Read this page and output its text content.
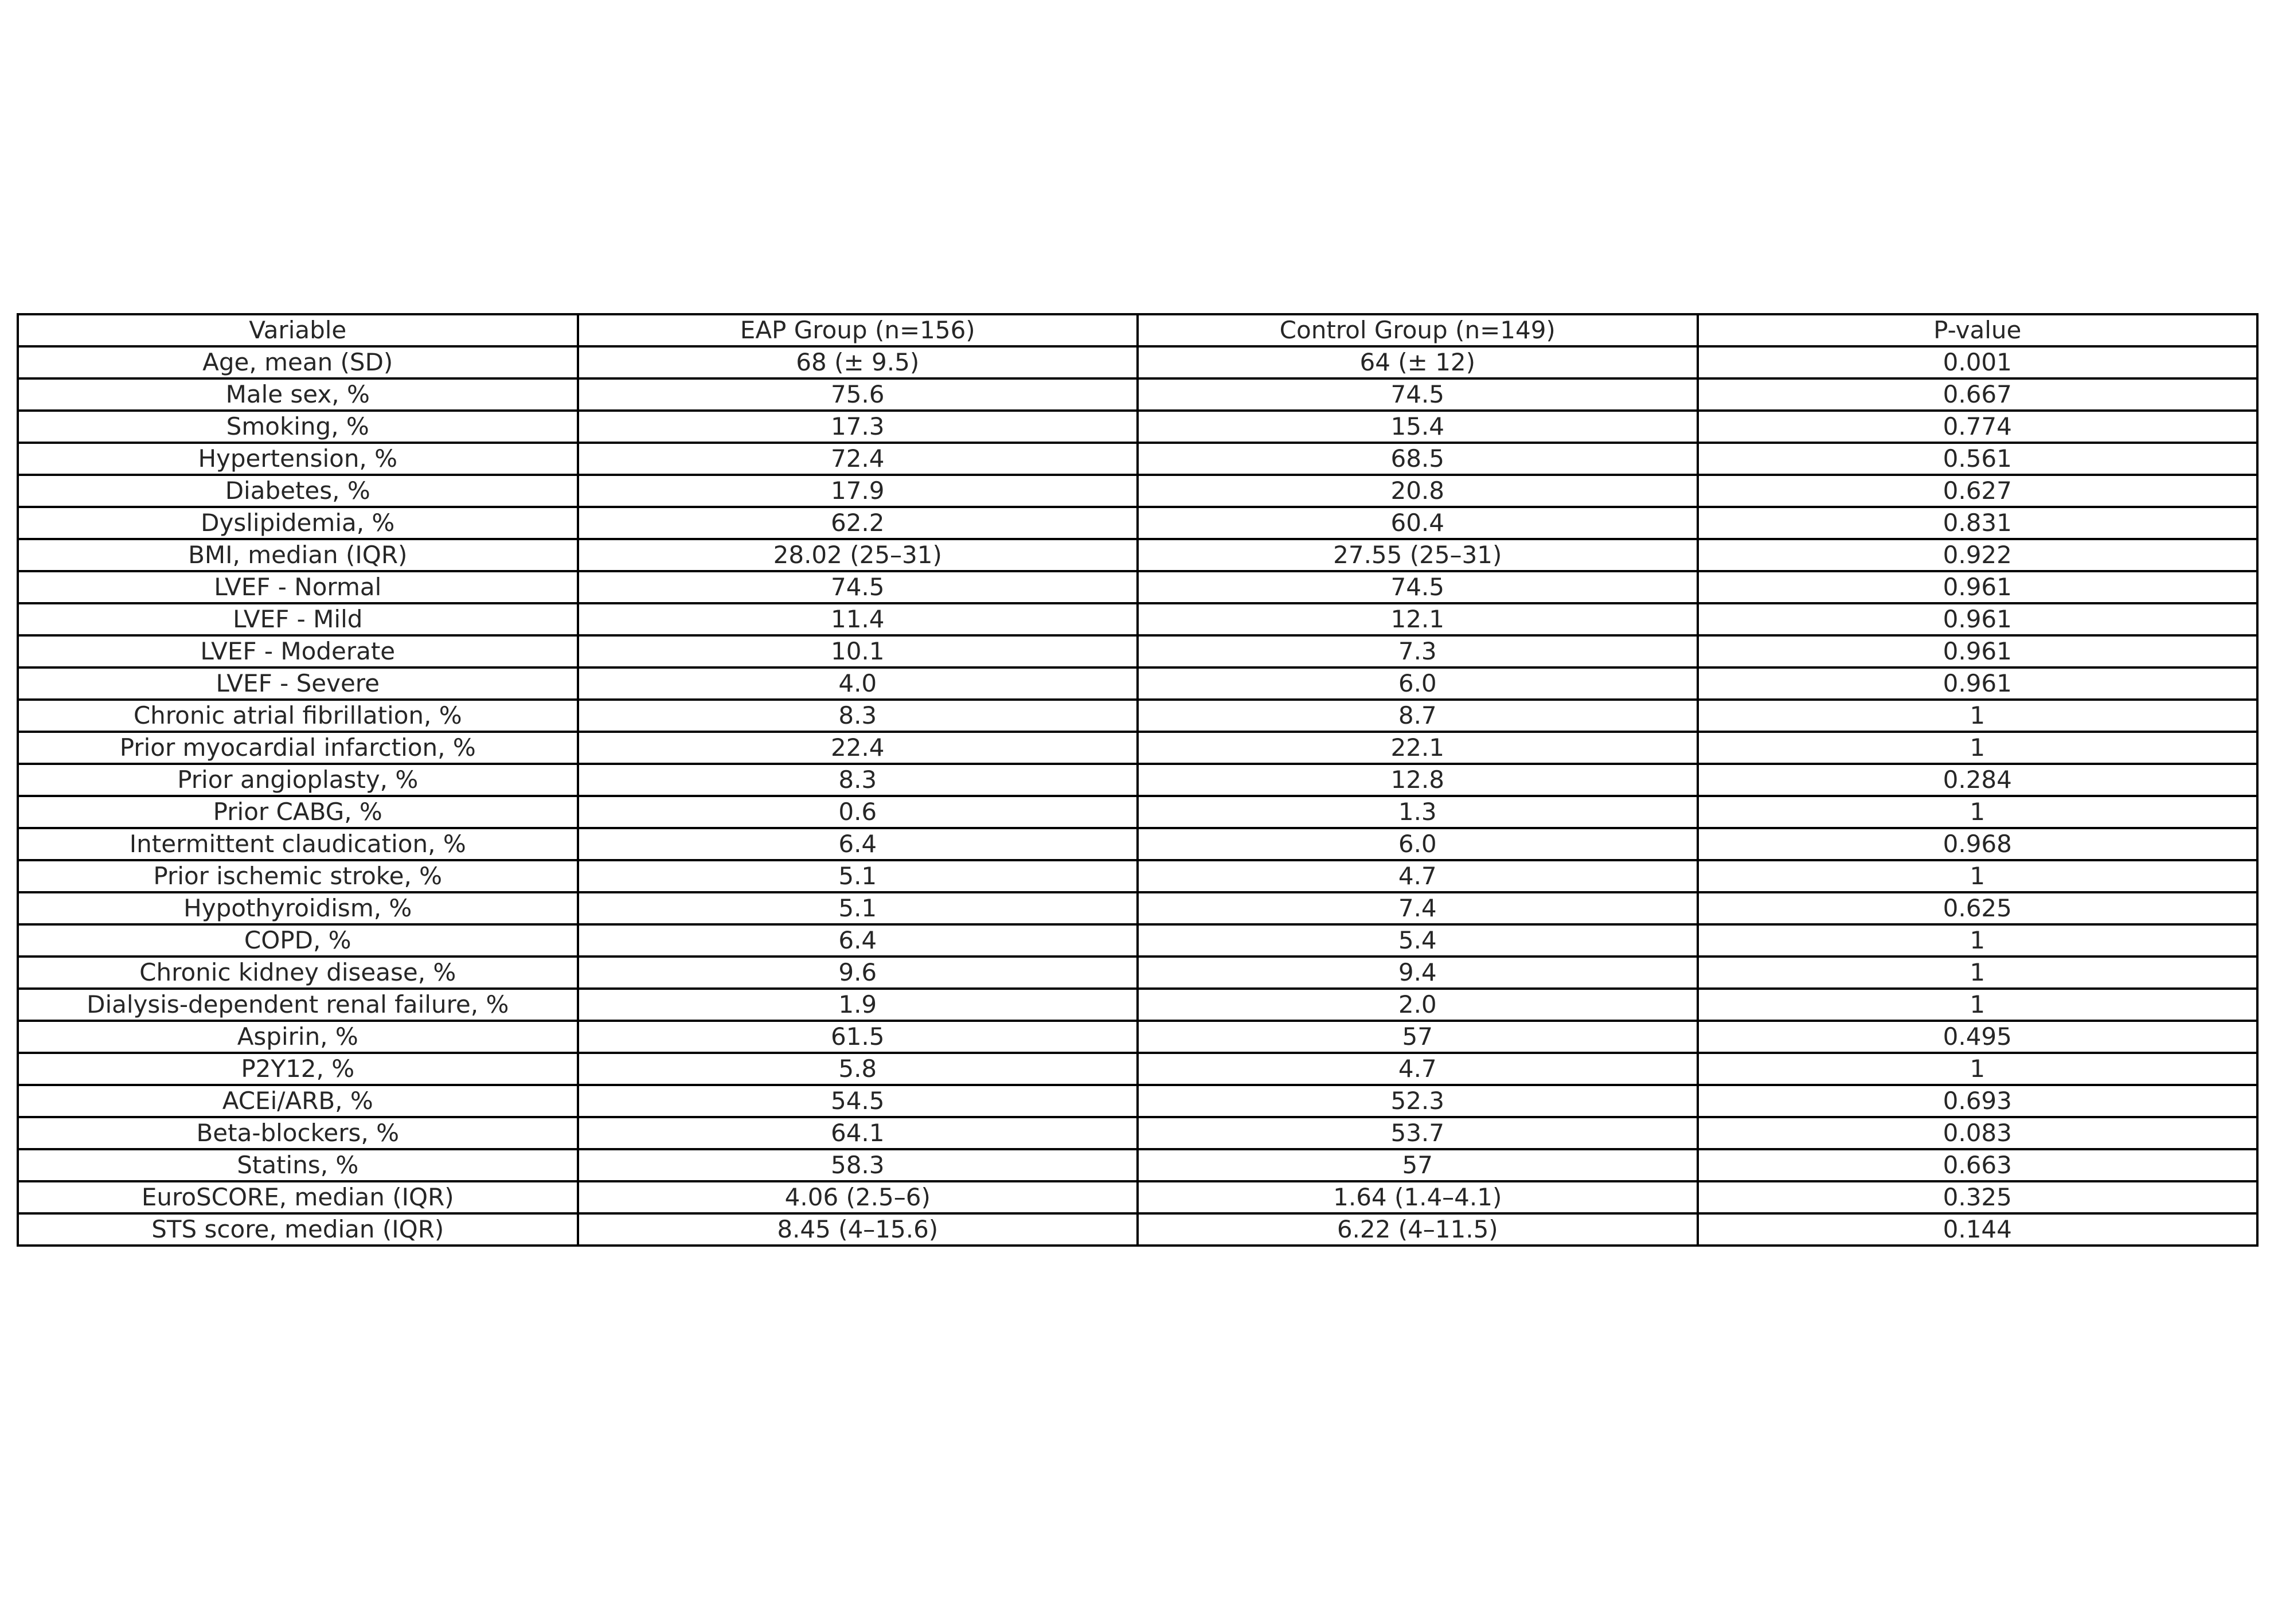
Variable	EAP Group (n=156)	Control Group (n=149)	P-value
Age, mean (SD)	68 (± 9.5)	64 (± 12)	0.001
Male sex, %	75.6	74.5	0.667
Smoking, %	17.3	15.4	0.774
Hypertension, %	72.4	68.5	0.561
Diabetes, %	17.9	20.8	0.627
Dyslipidemia, %	62.2	60.4	0.831
BMI, median (IQR)	28.02 (25–31)	27.55 (25–31)	0.922
LVEF - Normal	74.5	74.5	0.961
LVEF - Mild	11.4	12.1	0.961
LVEF - Moderate	10.1	7.3	0.961
LVEF - Severe	4.0	6.0	0.961
Chronic atrial fibrillation, %	8.3	8.7	1
Prior myocardial infarction, %	22.4	22.1	1
Prior angioplasty, %	8.3	12.8	0.284
Prior CABG, %	0.6	1.3	1
Intermittent claudication, %	6.4	6.0	0.968
Prior ischemic stroke, %	5.1	4.7	1
Hypothyroidism, %	5.1	7.4	0.625
COPD, %	6.4	5.4	1
Chronic kidney disease, %	9.6	9.4	1
Dialysis-dependent renal failure, %	1.9	2.0	1
Aspirin, %	61.5	57	0.495
P2Y12, %	5.8	4.7	1
ACEi/ARB, %	54.5	52.3	0.693
Beta-blockers, %	64.1	53.7	0.083
Statins, %	58.3	57	0.663
EuroSCORE, median (IQR)	4.06 (2.5–6)	1.64 (1.4–4.1)	0.325
STS score, median (IQR)	8.45 (4–15.6)	6.22 (4–11.5)	0.144
